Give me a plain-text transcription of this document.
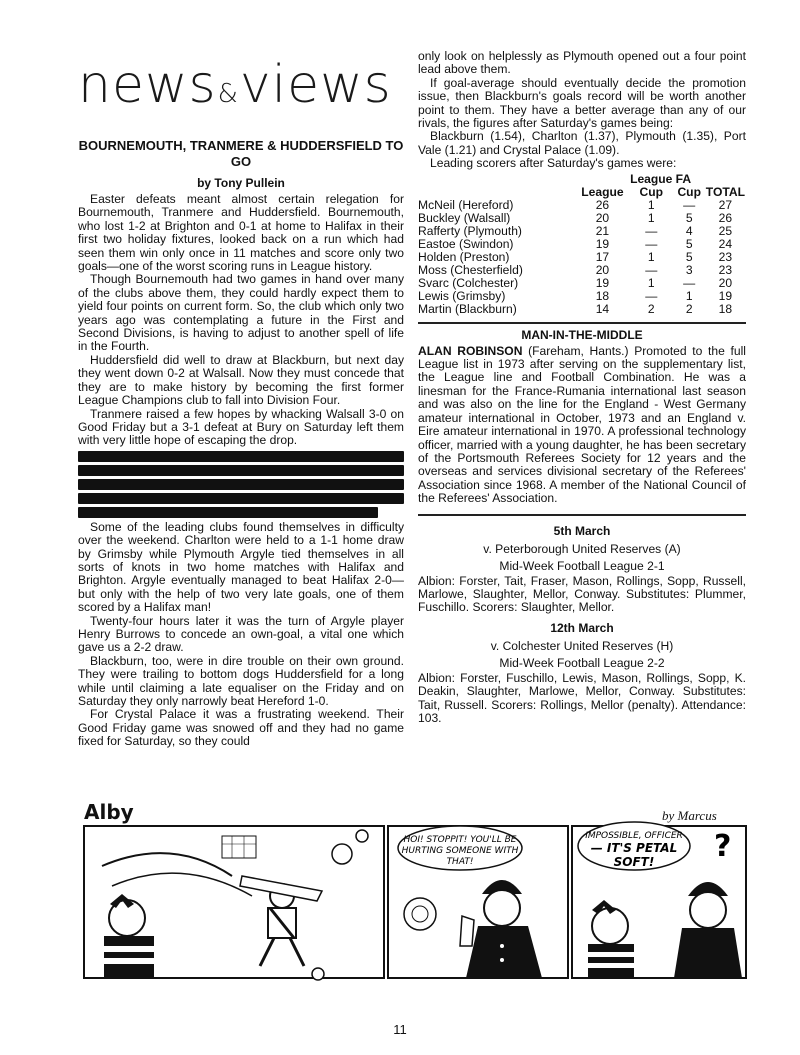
news&views
BOURNEMOUTH, TRANMERE & HUDDERSFIELD TO GO
by Tony Pullein

Easter defeats meant almost certain relegation for Bournemouth, Tranmere and Huddersfield. Bournemouth, who lost 1-2 at Brighton and 0-1 at home to Halifax in their first two holiday fixtures, looked back on a run which had seen them win only once in 11 matches and score only two goals—one of the worst scoring runs in League history.

Though Bournemouth had two games in hand over many of the clubs above them, they could hardly expect them to yield four points on current form. So, the club which only two years ago was contemplating a future in the First and Second Divisions, is having to adjust to another spell of life in the Fourth.

Huddersfield did well to draw at Blackburn, but next day they went down 0-2 at Walsall. Now they must concede that they are to make history by becoming the first former League Champions club to fall into Division Four.

Tranmere raised a few hopes by whacking Walsall 3-0 on Good Friday but a 3-1 defeat at Bury on Saturday left them with very little hope of escaping the drop.

Some of the leading clubs found themselves in difficulty over the weekend. Charlton were held to a 1-1 home draw by Grimsby while Plymouth Argyle tied themselves in all sorts of knots in two home matches with Halifax and Brighton. Argyle eventually managed to beat Halifax 2-0—but only with the help of two very late goals, one of them scored by a Halifax man!

Twenty-four hours later it was the turn of Argyle player Henry Burrows to concede an own-goal, a vital one which gave us a 2-2 draw.

Blackburn, too, were in dire trouble on their own ground. They were trailing to bottom dogs Huddersfield for a long while until claiming a late equaliser on the Friday and on Saturday they only narrowly beat Hereford 1-0.

For Crystal Palace it was a frustrating weekend. Their Good Friday game was snowed off and they had no game fixed for Saturday, so they could

only look on helplessly as Plymouth opened out a four point lead above them.

If goal-average should eventually decide the promotion issue, then Blackburn's goals record will be worth another point to them. They have a better average than any of our rivals, the figures after Saturday's games being:

Blackburn (1.54), Charlton (1.37), Plymouth (1.35), Port Vale (1.21) and Crystal Palace (1.09).

Leading scorers after Saturday's games were:

		League	FA	
	League	Cup	Cup	TOTAL
McNeil (Hereford)	26	1	—	27
Buckley (Walsall)	20	1	5	26
Rafferty (Plymouth)	21	—	4	25
Eastoe (Swindon)	19	—	5	24
Holden (Preston)	17	1	5	23
Moss (Chesterfield)	20	—	3	23
Svarc (Colchester)	19	1	—	20
Lewis (Grimsby)	18	—	1	19
Martin (Blackburn)	14	2	2	18
MAN-IN-THE-MIDDLE

ALAN ROBINSON (Fareham, Hants.) Promoted to the full League list in 1973 after serving on the supplementary list, the League line and Football Combination. He was a linesman for the France-Rumania international last season and was also on the line for the England - West Germany amateur international in October, 1973 and an England v. Eire amateur international in 1970. A professional technology officer, married with a young daughter, he has been secretary of the Portsmouth Referees Society for 12 years and the overseas and services divisional secretary of the Referees' Association since 1968. A member of the National Council of the Referees' Association.

5th March
v. Peterborough United Reserves (A)
Mid-Week Football League 2-1

Albion: Forster, Tait, Fraser, Mason, Rollings, Sopp, Russell, Marlowe, Slaughter, Mellor, Conway. Substitutes: Plummer, Fuschillo. Scorers: Slaughter, Mellor.

12th March
v. Colchester United Reserves (H)
Mid-Week Football League 2-2

Albion: Forster, Fuschillo, Lewis, Mason, Rollings, Sopp, K. Deakin, Slaughter, Marlowe, Mellor, Conway. Substitutes: Tait, Russell. Scorers: Rollings, Mellor (penalty). Attendance: 103.

Alby	by Marcus
HOI! STOPPIT! YOU'LL BE
HURTING SOMEONE WITH
THAT!
IMPOSSIBLE, OFFICER
— IT'S PETAL
SOFT! ?
11
